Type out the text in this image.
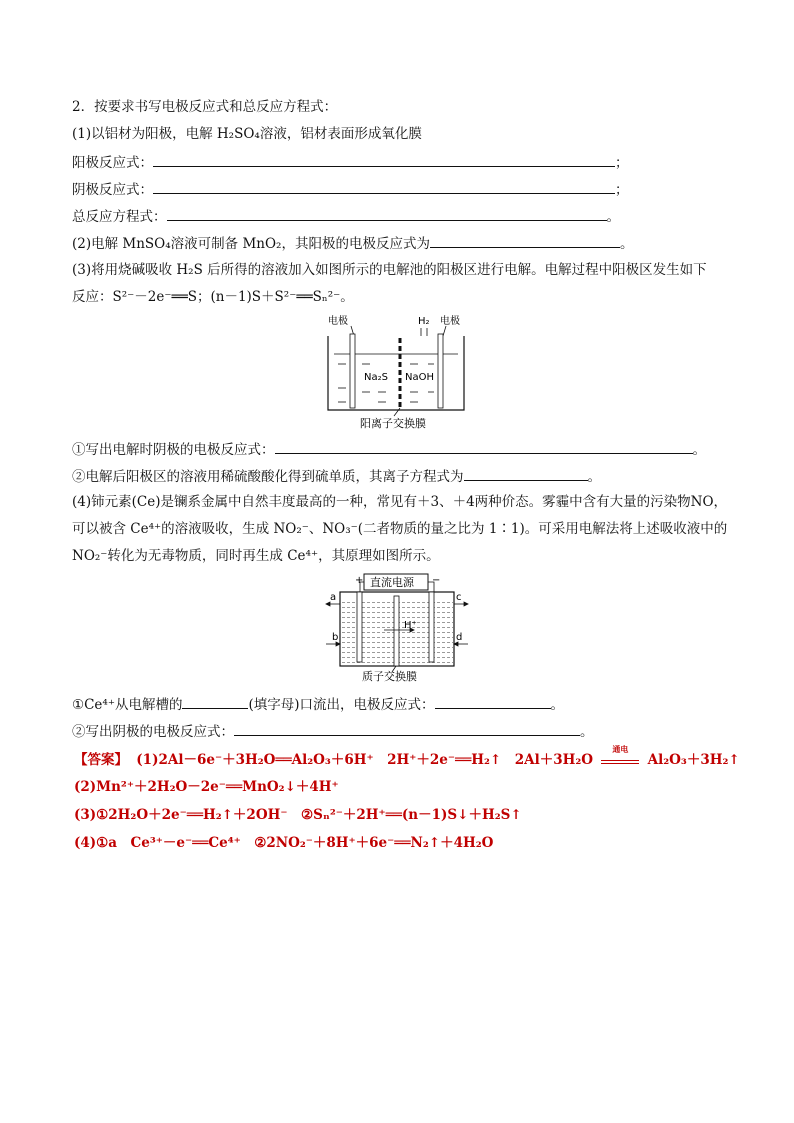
2．按要求书写电极反应式和总反应方程式：
(1)以铝材为阳极，电解 H₂SO₄溶液，铝材表面形成氧化膜
阳极反应式：	；
阴极反应式：	；
总反应方程式：	。
(2)电解 MnSO₄溶液可制备 MnO₂，其阳极的电极反应式为	。
(3)将用烧碱吸收 H₂S 后所得的溶液加入如图所示的电解池的阳极区进行电解。电解过程中阳极区发生如下
反应：S²⁻－2e⁻══S；(n－1)S＋S²⁻══Sₙ²⁻。
电极	H₂ 电极
Na₂S NaOH
阳离子交换膜
①写出电解时阴极的电极反应式：	。
②电解后阳极区的溶液用稀硫酸酸化得到硫单质，其离子方程式为	。
(4)铈元素(Ce)是镧系金属中自然丰度最高的一种，常见有＋3、＋4两种价态。雾霾中含有大量的污染物NO，
可以被含 Ce⁴⁺的溶液吸收，生成 NO₂⁻、NO₃⁻(二者物质的量之比为 1∶1)。可采用电解法将上述吸收液中的
NO₂⁻转化为无毒物质，同时再生成 Ce⁴⁺，其原理如图所示。
直流电源
+	−
a
b
c
d
H⁺
质子交换膜
①Ce⁴⁺从电解槽的	(填字母)口流出，电极反应式：	。
②写出阴极的电极反应式：	。
【答案】 (1)2Al－6e⁻＋3H₂O══Al₂O₃＋6H⁺　2H⁺＋2e⁻══H₂↑　2Al＋3H₂O
通电
Al₂O₃＋3H₂↑
(2)Mn²⁺＋2H₂O－2e⁻══MnO₂↓＋4H⁺
(3)①2H₂O＋2e⁻══H₂↑＋2OH⁻　②Sₙ²⁻＋2H⁺══(n－1)S↓＋H₂S↑
(4)①a　Ce³⁺－e⁻══Ce⁴⁺　②2NO₂⁻＋8H⁺＋6e⁻══N₂↑＋4H₂O
